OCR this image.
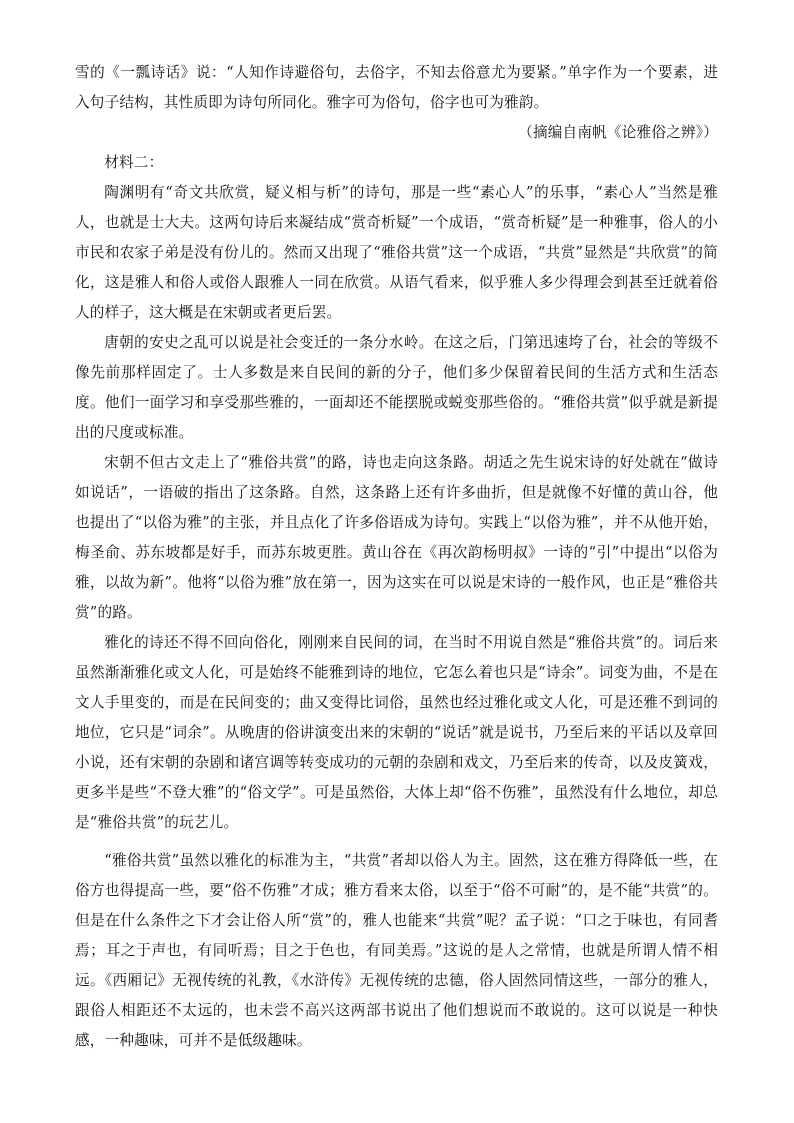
雪的《一瓢诗话》说：“人知作诗避俗句，去俗字，不知去俗意尤为要紧。”单字作为一个要素，进入句子结构，其性质即为诗句所同化。雅字可为俗句，俗字也可为雅韵。

（摘编自南帆《论雅俗之辨》）

材料二：

陶渊明有“奇文共欣赏，疑义相与析”的诗句，那是一些“素心人”的乐事，“素心人”当然是雅人，也就是士大夫。这两句诗后来凝结成“赏奇析疑”一个成语，“赏奇析疑”是一种雅事，俗人的小市民和农家子弟是没有份儿的。然而又出现了“雅俗共赏”这一个成语，“共赏”显然是“共欣赏”的简化，这是雅人和俗人或俗人跟雅人一同在欣赏。从语气看来，似乎雅人多少得理会到甚至迁就着俗人的样子，这大概是在宋朝或者更后罢。

唐朝的安史之乱可以说是社会变迁的一条分水岭。在这之后，门第迅速垮了台，社会的等级不像先前那样固定了。士人多数是来自民间的新的分子，他们多少保留着民间的生活方式和生活态度。他们一面学习和享受那些雅的，一面却还不能摆脱或蜕变那些俗的。“雅俗共赏”似乎就是新提出的尺度或标准。

宋朝不但古文走上了“雅俗共赏”的路，诗也走向这条路。胡适之先生说宋诗的好处就在“做诗如说话”，一语破的指出了这条路。自然，这条路上还有许多曲折，但是就像不好懂的黄山谷，他也提出了“以俗为雅”的主张，并且点化了许多俗语成为诗句。实践上“以俗为雅”，并不从他开始，梅圣俞、苏东坡都是好手，而苏东坡更胜。黄山谷在《再次韵杨明叔》一诗的“引”中提出“以俗为雅，以故为新”。他将“以俗为雅”放在第一，因为这实在可以说是宋诗的一般作风，也正是“雅俗共赏”的路。

雅化的诗还不得不回向俗化，刚刚来自民间的词，在当时不用说自然是“雅俗共赏”的。词后来虽然渐渐雅化或文人化，可是始终不能雅到诗的地位，它怎么着也只是“诗余”。词变为曲，不是在文人手里变的，而是在民间变的；曲又变得比词俗，虽然也经过雅化或文人化，可是还雅不到词的地位，它只是“词余”。从晚唐的俗讲演变出来的宋朝的“说话”就是说书，乃至后来的平话以及章回小说，还有宋朝的杂剧和诸宫调等转变成功的元朝的杂剧和戏文，乃至后来的传奇，以及皮簧戏，更多半是些“不登大雅”的“俗文学”。可是虽然俗，大体上却“俗不伤雅”，虽然没有什么地位，却总是“雅俗共赏”的玩艺儿。

“雅俗共赏”虽然以雅化的标准为主，“共赏”者却以俗人为主。固然，这在雅方得降低一些，在俗方也得提高一些，要“俗不伤雅”才成；雅方看来太俗，以至于“俗不可耐”的，是不能“共赏”的。但是在什么条件之下才会让俗人所“赏”的，雅人也能来“共赏”呢？孟子说：“口之于味也，有同耆焉；耳之于声也，有同听焉；目之于色也，有同美焉。”这说的是人之常情，也就是所谓人情不相远。《西厢记》无视传统的礼教，《水浒传》无视传统的忠德，俗人固然同情这些，一部分的雅人，跟俗人相距还不太远的，也未尝不高兴这两部书说出了他们想说而不敢说的。这可以说是一种快感，一种趣味，可并不是低级趣味。
